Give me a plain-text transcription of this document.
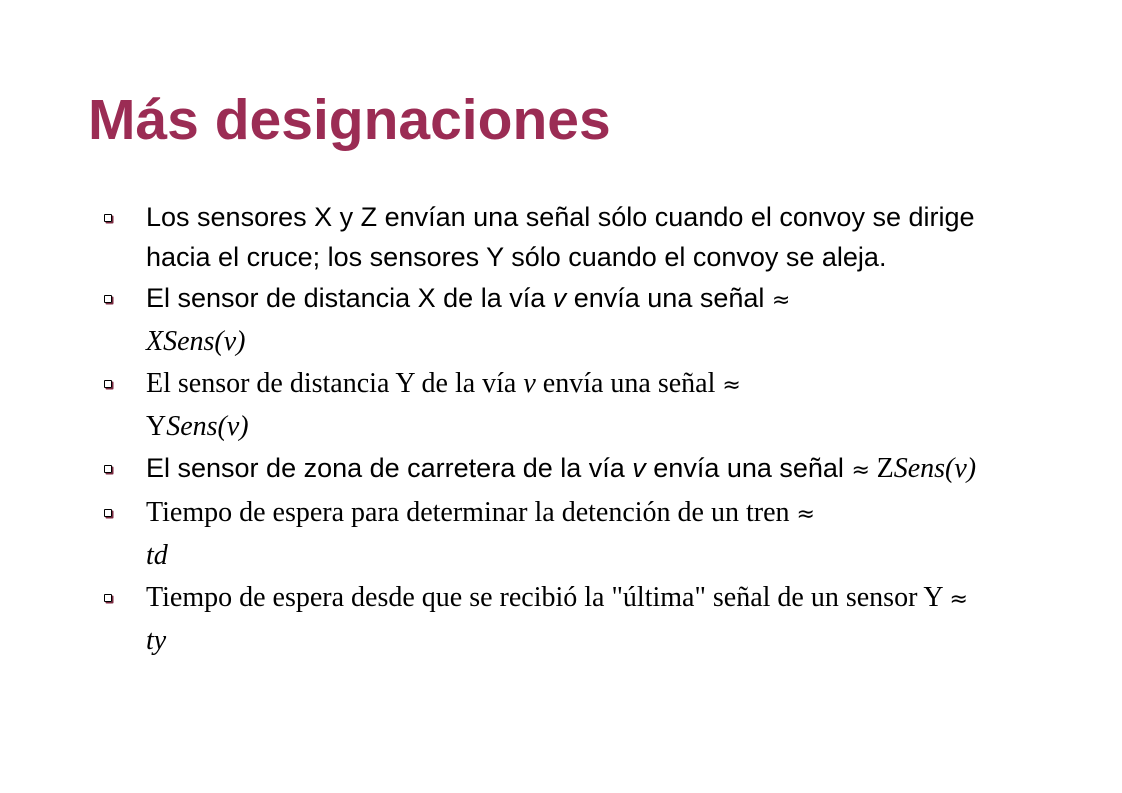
Más designaciones
Los sensores X y Z envían una señal sólo cuando el convoy se dirige hacia el cruce; los sensores Y sólo cuando el convoy se aleja.
El sensor de distancia X de la vía v envía una señal ≈
XSens(v)
El sensor de distancia Y de la vía v envía una señal ≈
YSens(v)
El sensor de zona de carretera de la vía v envía una señal ≈ ZSens(v)
Tiempo de espera para determinar la detención de un tren ≈
td
Tiempo de espera desde que se recibió la "última" señal de un sensor Y ≈ ty
